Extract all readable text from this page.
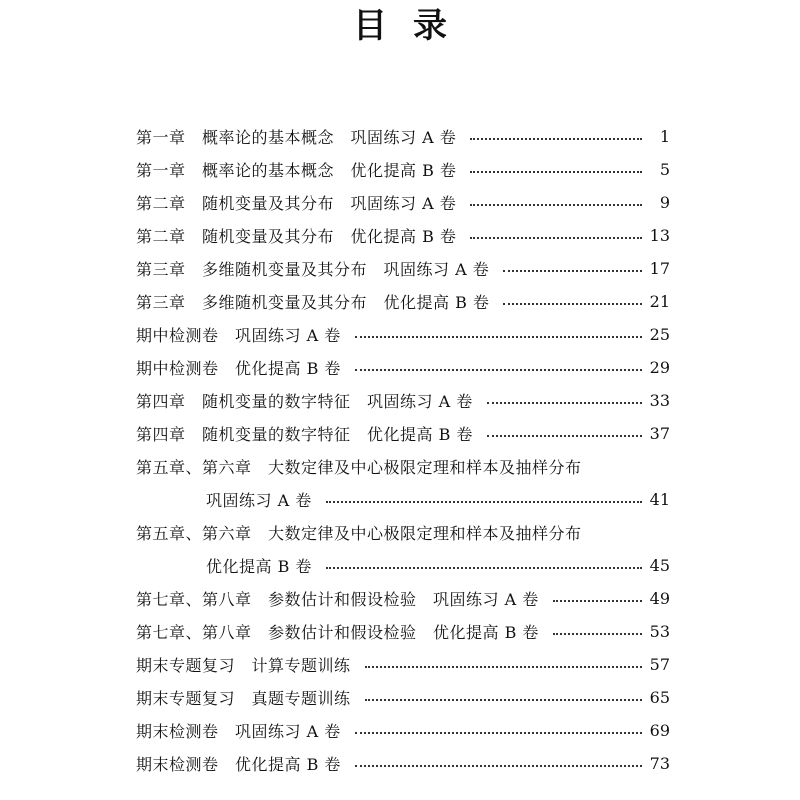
目录
第一章　概率论的基本概念　巩固练习 A 卷	1
第一章　概率论的基本概念　优化提高 B 卷	5
第二章　随机变量及其分布　巩固练习 A 卷	9
第二章　随机变量及其分布　优化提高 B 卷	13
第三章　多维随机变量及其分布　巩固练习 A 卷	17
第三章　多维随机变量及其分布　优化提高 B 卷	21
期中检测卷　巩固练习 A 卷	25
期中检测卷　优化提高 B 卷	29
第四章　随机变量的数字特征　巩固练习 A 卷	33
第四章　随机变量的数字特征　优化提高 B 卷	37
第五章、第六章　大数定律及中心极限定理和样本及抽样分布
巩固练习 A 卷	41
第五章、第六章　大数定律及中心极限定理和样本及抽样分布
优化提高 B 卷	45
第七章、第八章　参数估计和假设检验　巩固练习 A 卷	49
第七章、第八章　参数估计和假设检验　优化提高 B 卷	53
期末专题复习　计算专题训练	57
期末专题复习　真题专题训练	65
期末检测卷　巩固练习 A 卷	69
期末检测卷　优化提高 B 卷	73
